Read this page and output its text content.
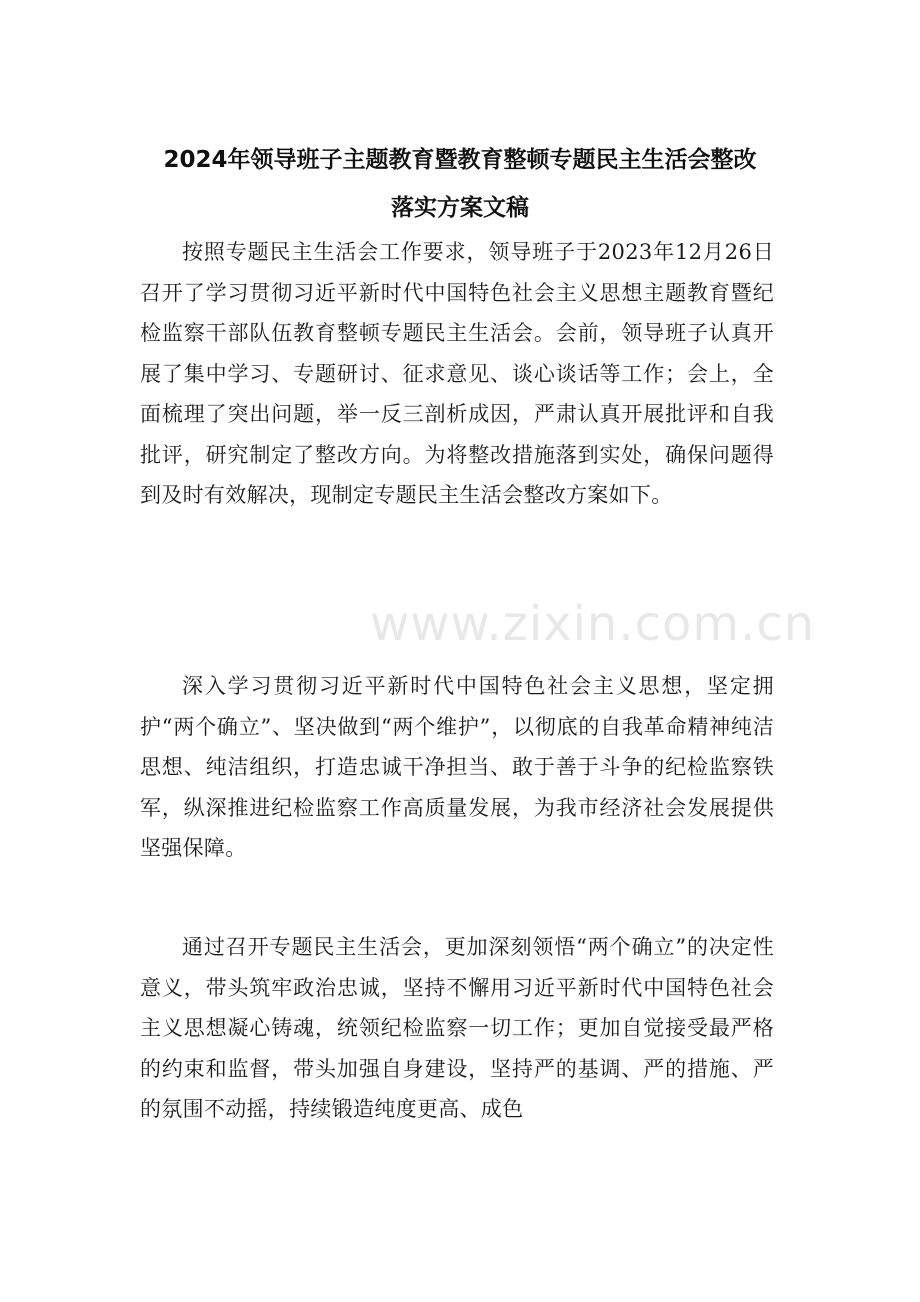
2024年领导班子主题教育暨教育整顿专题民主生活会整改
落实方案文稿

按照专题民主生活会工作要求，领导班子于2023年12月26日召开了学习贯彻习近平新时代中国特色社会主义思想主题教育暨纪检监察干部队伍教育整顿专题民主生活会。会前，领导班子认真开展了集中学习、专题研讨、征求意见、谈心谈话等工作；会上，全面梳理了突出问题，举一反三剖析成因，严肃认真开展批评和自我批评，研究制定了整改方向。为将整改措施落到实处，确保问题得到及时有效解决，现制定专题民主生活会整改方案如下。

深入学习贯彻习近平新时代中国特色社会主义思想，坚定拥护“两个确立”、坚决做到“两个维护”，以彻底的自我革命精神纯洁思想、纯洁组织，打造忠诚干净担当、敢于善于斗争的纪检监察铁军，纵深推进纪检监察工作高质量发展，为我市经济社会发展提供坚强保障。

通过召开专题民主生活会，更加深刻领悟“两个确立”的决定性意义，带头筑牢政治忠诚，坚持不懈用习近平新时代中国特色社会主义思想凝心铸魂，统领纪检监察一切工作；更加自觉接受最严格的约束和监督，带头加强自身建设，坚持严的基调、严的措施、严的氛围不动摇，持续锻造纯度更高、成色

www.zixin.com.cn
